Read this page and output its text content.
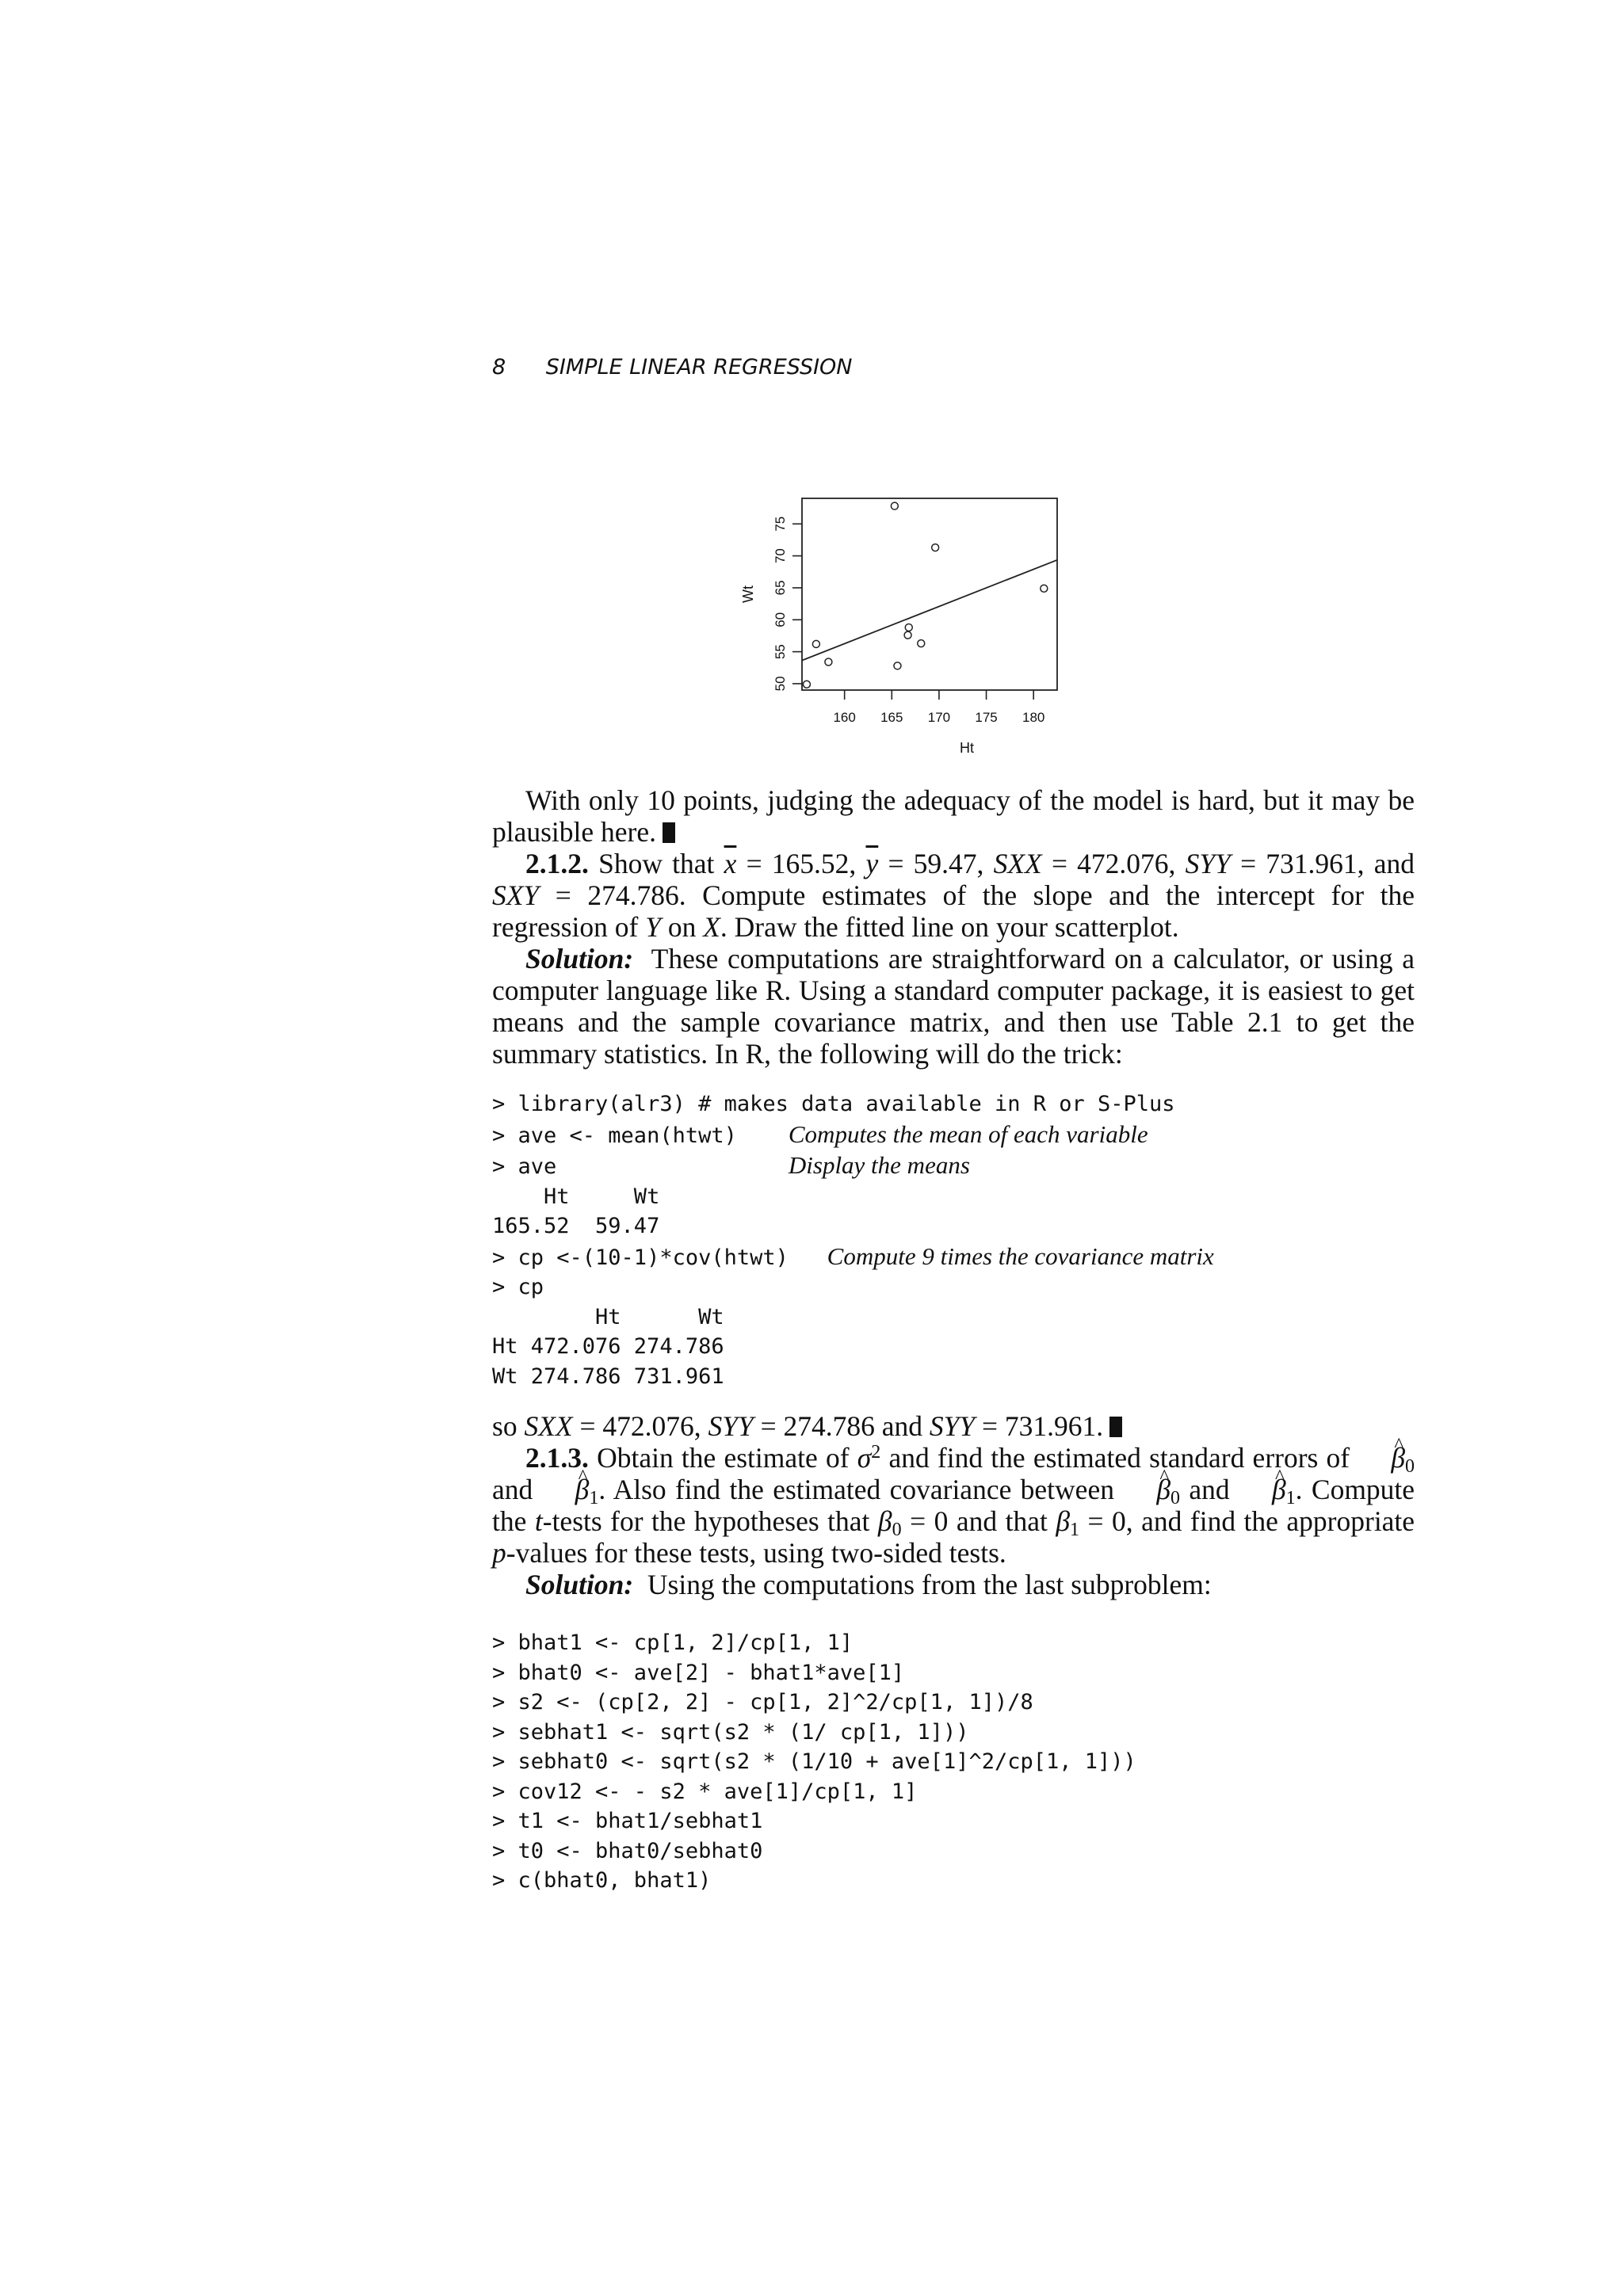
8 SIMPLE LINEAR REGRESSION
160 165 170 175 180
50
55
60
65
70
75
Ht
Wt

With only 10 points, judging the adequacy of the model is hard, but it may be plausible here.

2.1.2. Show that $\overline{x} = 165.52$, $\overline{y} = 59.47$, SXX = 472.076, SYY = 731.961, and SXY = 274.786. Compute estimates of the slope and the intercept for the regression of Y on X. Draw the fitted line on your scatterplot.

Solution: These computations are straightforward on a calculator, or using a computer language like R. Using a standard computer package, it is easiest to get means and the sample covariance matrix, and then use Table 2.1 to get the summary statistics. In R, the following will do the trick:

> library(alr3) # makes data available in R or S-Plus
> ave <- mean(htwt)    Computes the mean of each variable
> ave                  Display the means
Ht     Wt
165.52  59.47
> cp <-(10-1)*cov(htwt)   Compute 9 times the covariance matrix
> cp
Ht      Wt
Ht 472.076 274.786
Wt 274.786 731.961

so SXX = 472.076, SYY = 274.786 and SYY = 731.961.

2.1.3. Obtain the estimate of $\sigma^2$ and find the estimated standard errors of ^ $\beta_0$ and ^ $\beta_1$. Also find the estimated covariance between ^ $\beta_0$ and ^ $\beta_1$. Compute the t-tests for the hypotheses that $\beta_0 = 0$ and that $\beta_1 = 0$, and find the appropriate p-values for these tests, using two-sided tests.

Solution: Using the computations from the last subproblem:

> bhat1 <- cp[1, 2]/cp[1, 1]
> bhat0 <- ave[2] - bhat1*ave[1]
> s2 <- (cp[2, 2] - cp[1, 2]^2/cp[1, 1])/8
> sebhat1 <- sqrt(s2 * (1/ cp[1, 1]))
> sebhat0 <- sqrt(s2 * (1/10 + ave[1]^2/cp[1, 1]))
> cov12 <- - s2 * ave[1]/cp[1, 1]
> t1 <- bhat1/sebhat1
> t0 <- bhat0/sebhat0
> c(bhat0, bhat1)
